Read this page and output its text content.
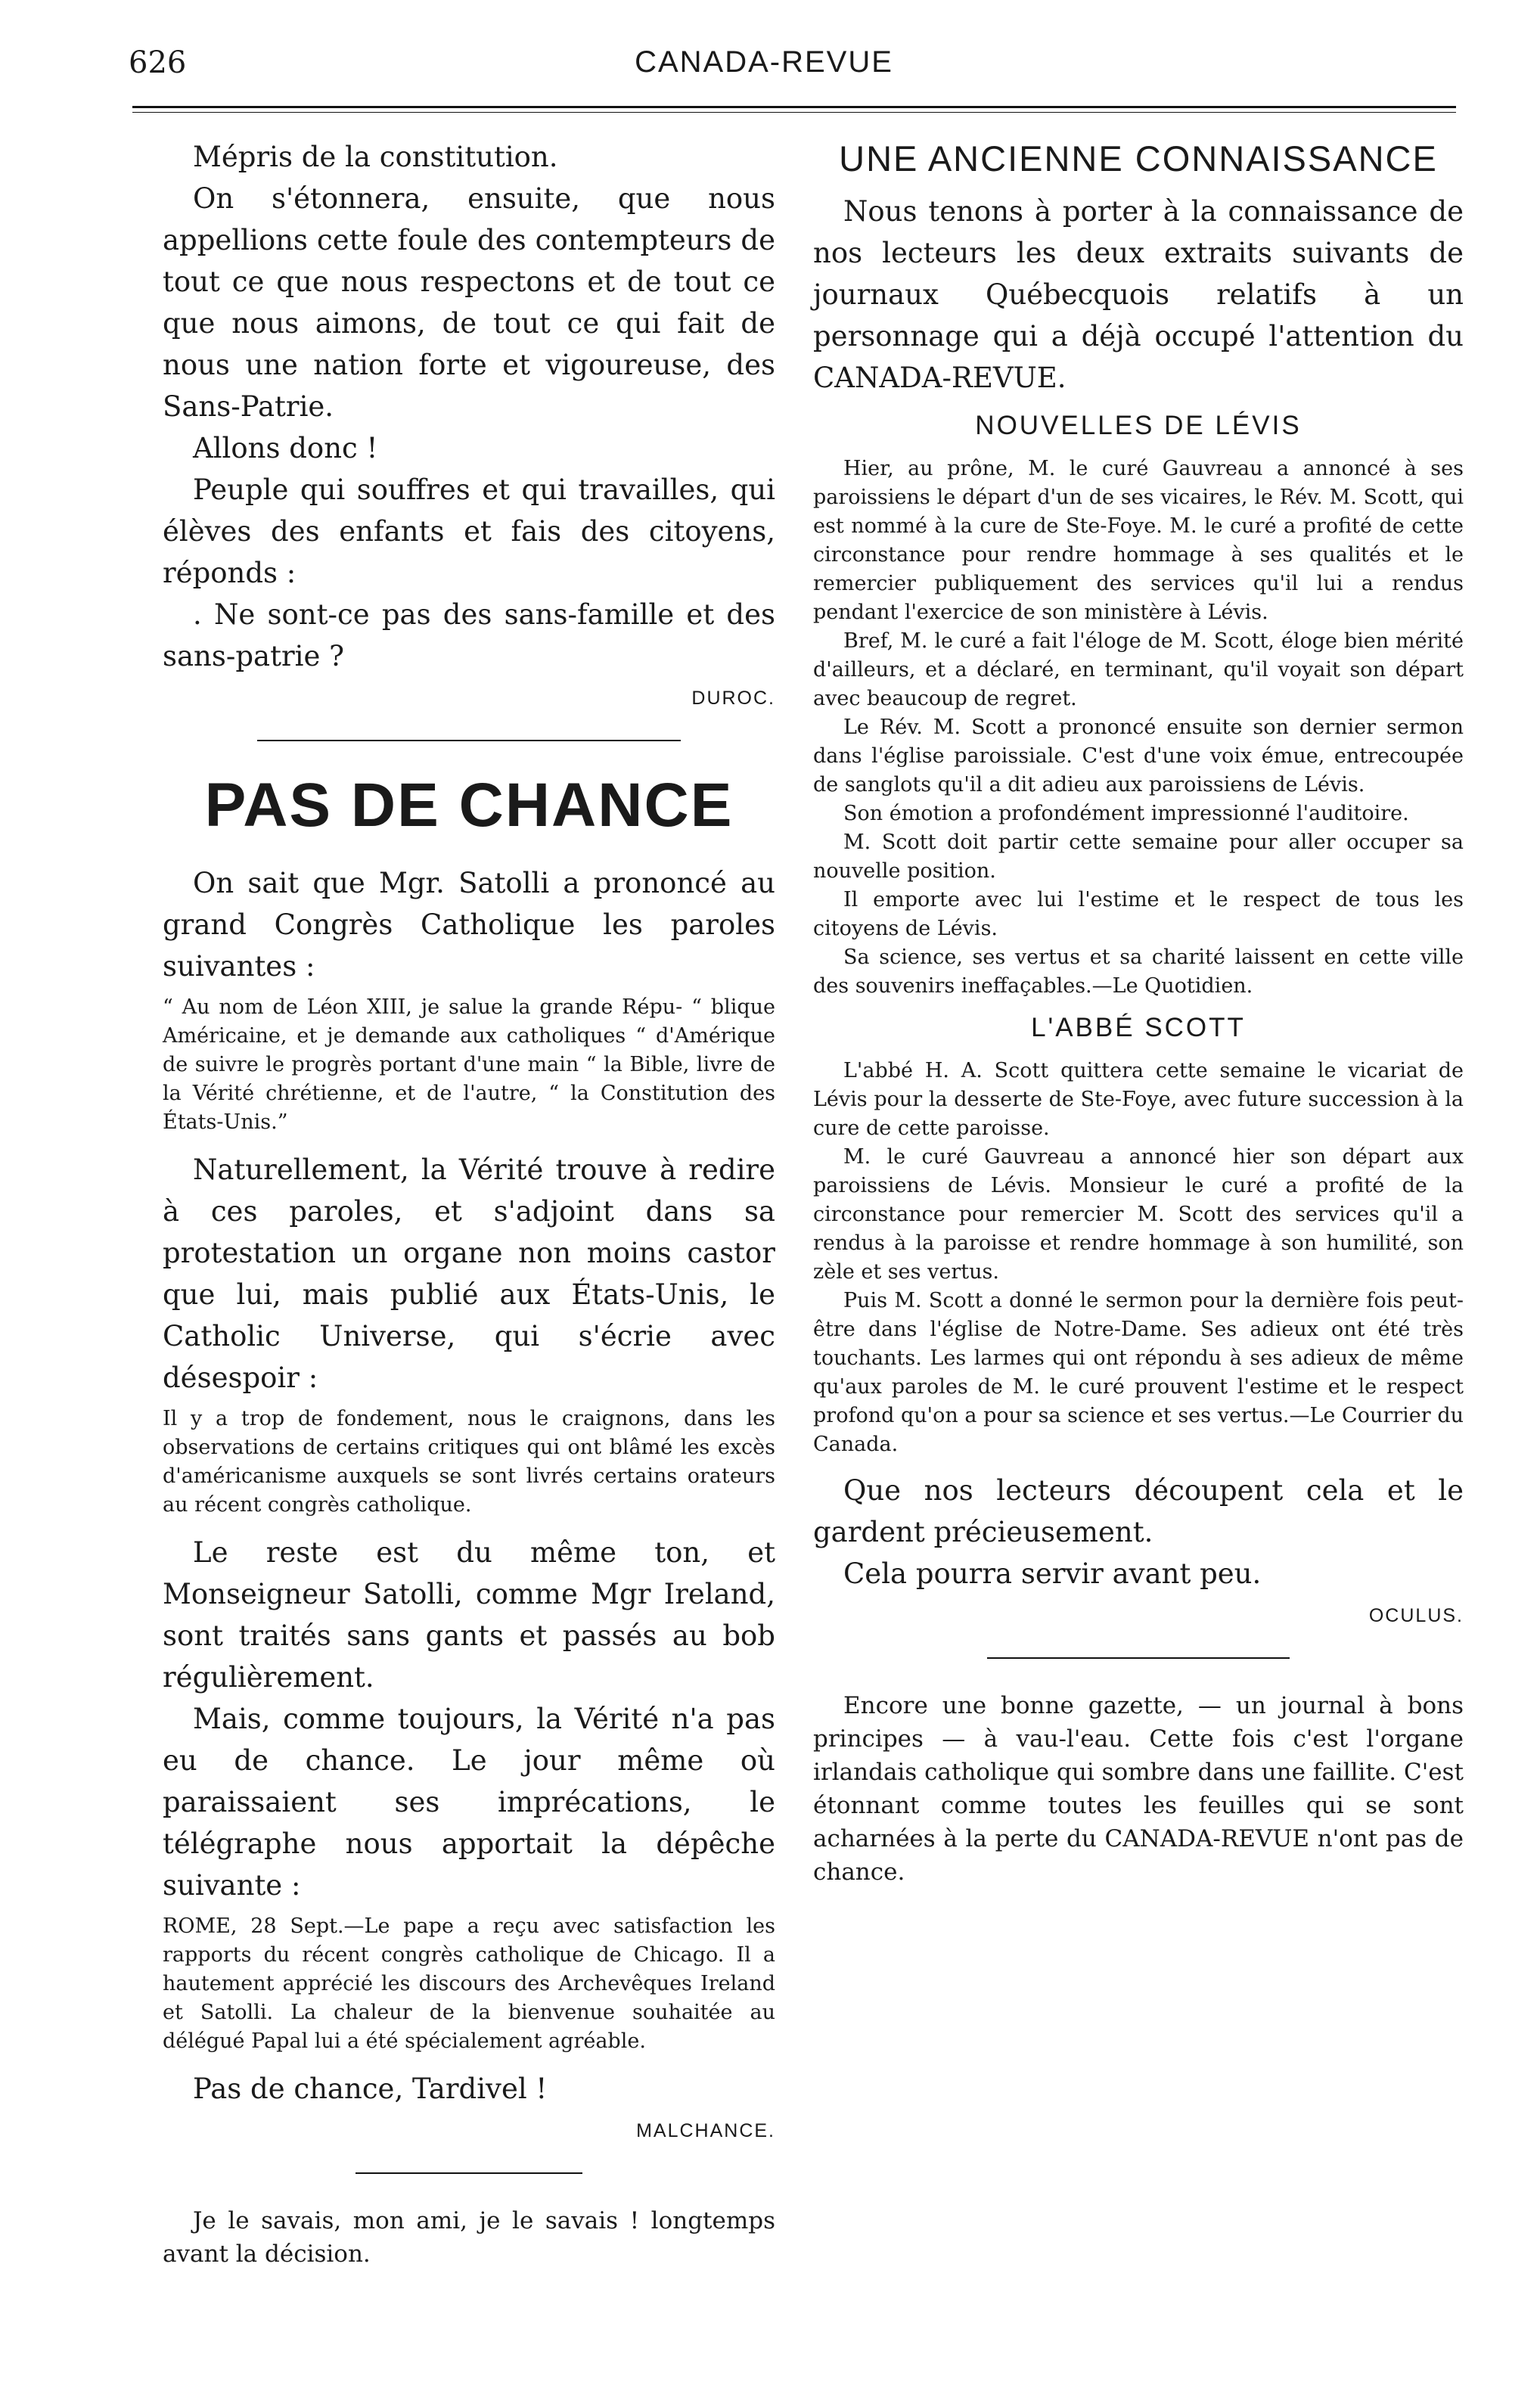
626	CANADA-REVUE

Mépris de la constitution.

On s'étonnera, ensuite, que nous appellions cette foule des contempteurs de tout ce que nous respectons et de tout ce que nous aimons, de tout ce qui fait de nous une nation forte et vigoureuse, des Sans-Patrie.

Allons donc !

Peuple qui souffres et qui travailles, qui élèves des enfants et fais des citoyens, réponds :

. Ne sont-ce pas des sans-famille et des sans-patrie ?

DUROC.
PAS DE CHANCE

On sait que Mgr. Satolli a prononcé au grand Congrès Catholique les paroles suivantes :

“ Au nom de Léon XIII, je salue la grande Répu- “ blique Américaine, et je demande aux catholiques “ d'Amérique de suivre le progrès portant d'une main “ la Bible, livre de la Vérité chrétienne, et de l'autre, “ la Constitution des États-Unis.”

Naturellement, la Vérité trouve à redire à ces paroles, et s'adjoint dans sa protestation un organe non moins castor que lui, mais publié aux États-Unis, le Catholic Universe, qui s'écrie avec désespoir :

Il y a trop de fondement, nous le craignons, dans les observations de certains critiques qui ont blâmé les excès d'américanisme auxquels se sont livrés certains orateurs au récent congrès catholique.

Le reste est du même ton, et Monseigneur Satolli, comme Mgr Ireland, sont traités sans gants et passés au bob régulièrement.

Mais, comme toujours, la Vérité n'a pas eu de chance. Le jour même où paraissaient ses imprécations, le télégraphe nous apportait la dépêche suivante :

ROME, 28 Sept.—Le pape a reçu avec satisfaction les rapports du récent congrès catholique de Chicago. Il a hautement apprécié les discours des Archevêques Ireland et Satolli. La chaleur de la bienvenue souhaitée au délégué Papal lui a été spécialement agréable.

Pas de chance, Tardivel !

MALCHANCE.

Je le savais, mon ami, je le savais ! longtemps avant la décision.

UNE ANCIENNE CONNAISSANCE

Nous tenons à porter à la connaissance de nos lecteurs les deux extraits suivants de journaux Québecquois relatifs à un personnage qui a déjà occupé l'attention du CANADA-REVUE.

NOUVELLES DE LÉVIS

Hier, au prône, M. le curé Gauvreau a annoncé à ses paroissiens le départ d'un de ses vicaires, le Rév. M. Scott, qui est nommé à la cure de Ste-Foye. M. le curé a profité de cette circonstance pour rendre hommage à ses qualités et le remercier publiquement des services qu'il lui a rendus pendant l'exercice de son ministère à Lévis.

Bref, M. le curé a fait l'éloge de M. Scott, éloge bien mérité d'ailleurs, et a déclaré, en terminant, qu'il voyait son départ avec beaucoup de regret.

Le Rév. M. Scott a prononcé ensuite son dernier sermon dans l'église paroissiale. C'est d'une voix émue, entrecoupée de sanglots qu'il a dit adieu aux paroissiens de Lévis.

Son émotion a profondément impressionné l'auditoire.

M. Scott doit partir cette semaine pour aller occuper sa nouvelle position.

Il emporte avec lui l'estime et le respect de tous les citoyens de Lévis.

Sa science, ses vertus et sa charité laissent en cette ville des souvenirs ineffaçables.—Le Quotidien.

L'ABBÉ SCOTT

L'abbé H. A. Scott quittera cette semaine le vicariat de Lévis pour la desserte de Ste-Foye, avec future succession à la cure de cette paroisse.

M. le curé Gauvreau a annoncé hier son départ aux paroissiens de Lévis. Monsieur le curé a profité de la circonstance pour remercier M. Scott des services qu'il a rendus à la paroisse et rendre hommage à son humilité, son zèle et ses vertus.

Puis M. Scott a donné le sermon pour la dernière fois peut-être dans l'église de Notre-Dame. Ses adieux ont été très touchants. Les larmes qui ont répondu à ses adieux de même qu'aux paroles de M. le curé prouvent l'estime et le respect profond qu'on a pour sa science et ses vertus.—Le Courrier du Canada.

Que nos lecteurs découpent cela et le gardent précieusement.

Cela pourra servir avant peu.

OCULUS.

Encore une bonne gazette, — un journal à bons principes — à vau-l'eau. Cette fois c'est l'organe irlandais catholique qui sombre dans une faillite. C'est étonnant comme toutes les feuilles qui se sont acharnées à la perte du CANADA-REVUE n'ont pas de chance.
